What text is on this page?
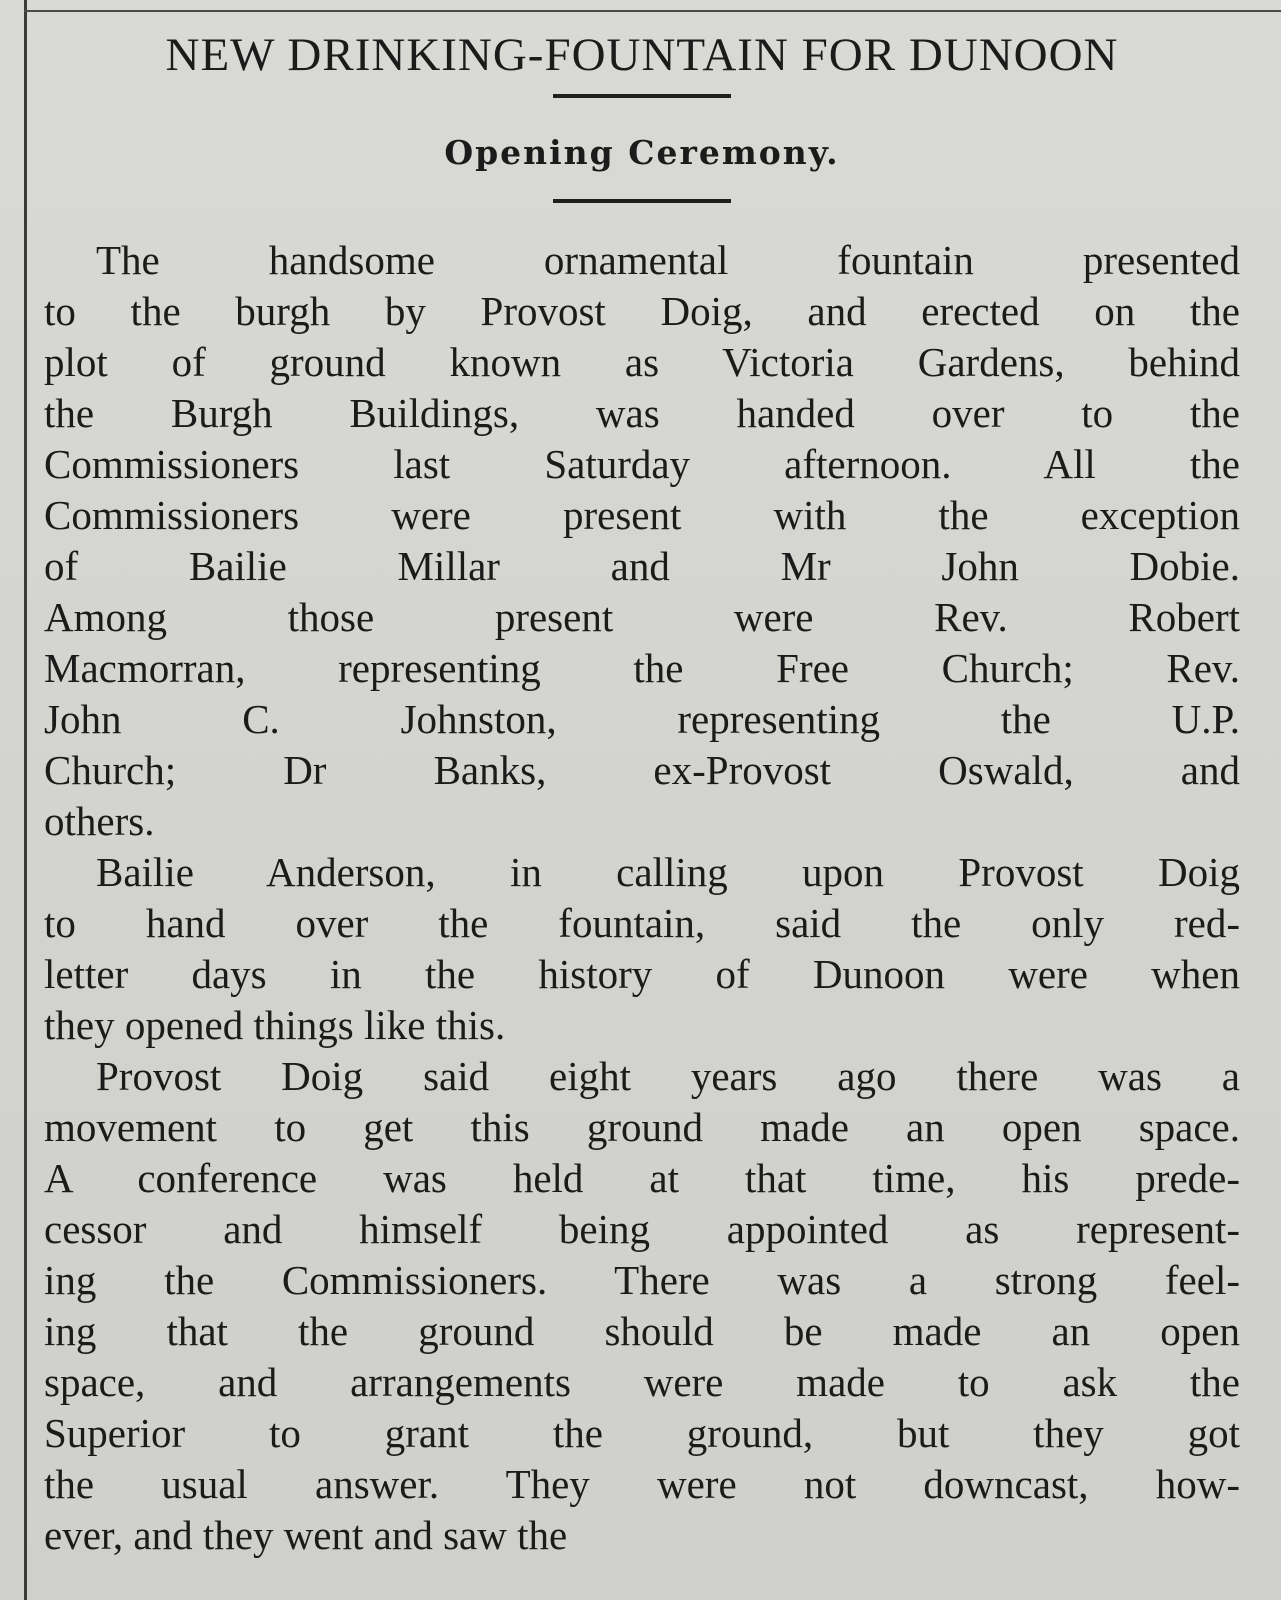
NEW DRINKING-FOUNTAIN FOR DUNOON
Opening Ceremony.
The handsome ornamental fountain presented
to the burgh by Provost Doig, and erected on the
plot of ground known as Victoria Gardens, behind
the Burgh Buildings, was handed over to the
Commissioners last Saturday afternoon. All the
Commissioners were present with the exception
of Bailie Millar and Mr John Dobie.
Among those present were Rev. Robert
Macmorran, representing the Free Church; Rev.
John C. Johnston, representing the U.P.
Church; Dr Banks, ex-Provost Oswald, and
others.
Bailie Anderson, in calling upon Provost Doig
to hand over the fountain, said the only red-
letter days in the history of Dunoon were when
they opened things like this.
Provost Doig said eight years ago there was a
movement to get this ground made an open space.
A conference was held at that time, his prede-
cessor and himself being appointed as represent-
ing the Commissioners. There was a strong feel-
ing that the ground should be made an open
space, and arrangements were made to ask the
Superior to grant the ground, but they got
the usual answer. They were not downcast, how-
ever, and they went and saw the
